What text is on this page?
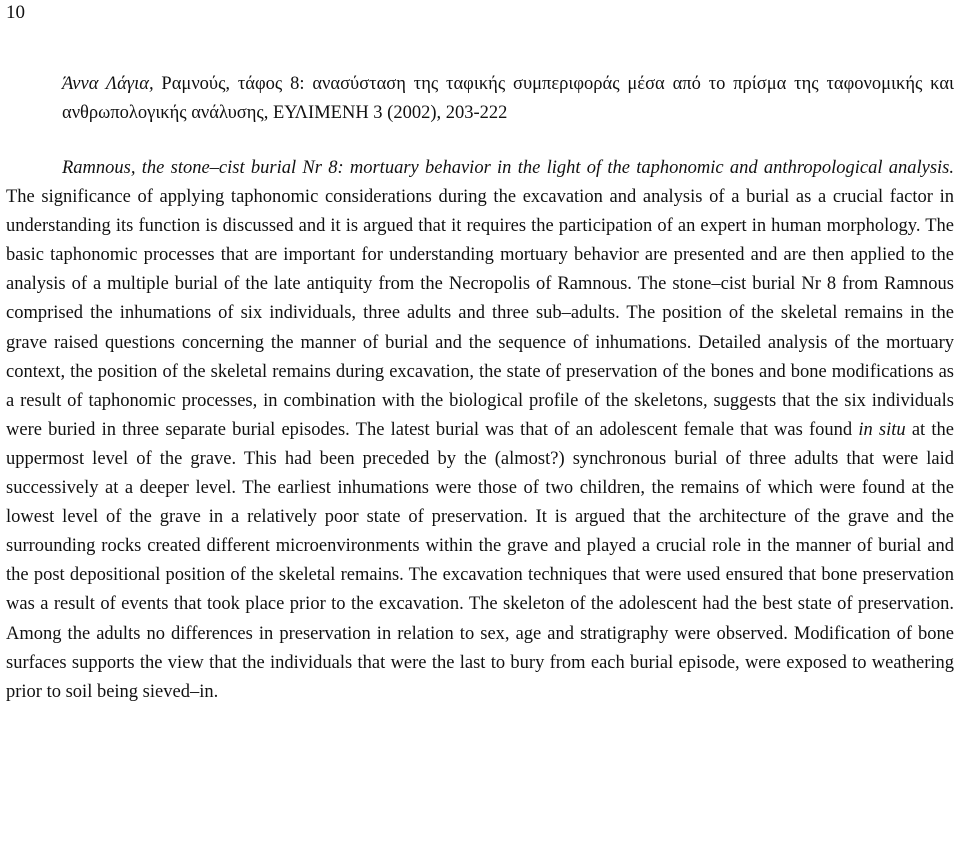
10
Άννα Λάγια, Ραμνούς, τάφος 8: ανασύσταση της ταφικής συμπεριφοράς μέσα από το πρίσμα της ταφονομικής και ανθρωπολογικής ανάλυσης, ΕΥΛΙΜΕΝΗ 3 (2002), 203-222
Ramnous, the stone–cist burial Nr 8: mortuary behavior in the light of the taphonomic and anthropological analysis. The significance of applying taphonomic considerations during the excavation and analysis of a burial as a crucial factor in understanding its function is discussed and it is argued that it requires the participation of an expert in human morphology. The basic taphonomic processes that are important for understanding mortuary behavior are presented and are then applied to the analysis of a multiple burial of the late antiquity from the Necropolis of Ramnous. The stone–cist burial Nr 8 from Ramnous comprised the inhumations of six individuals, three adults and three sub–adults. The position of the skeletal remains in the grave raised questions concerning the manner of burial and the sequence of inhumations. Detailed analysis of the mortuary context, the position of the skeletal remains during excavation, the state of preservation of the bones and bone modifications as a result of taphonomic processes, in combination with the biological profile of the skeletons, suggests that the six individuals were buried in three separate burial episodes. The latest burial was that of an adolescent female that was found in situ at the uppermost level of the grave. This had been preceded by the (almost?) synchronous burial of three adults that were laid successively at a deeper level. The earliest inhumations were those of two children, the remains of which were found at the lowest level of the grave in a relatively poor state of preservation. It is argued that the architecture of the grave and the surrounding rocks created different microenvironments within the grave and played a crucial role in the manner of burial and the post depositional position of the skeletal remains. The excavation techniques that were used ensured that bone preservation was a result of events that took place prior to the excavation. The skeleton of the adolescent had the best state of preservation. Among the adults no differences in preservation in relation to sex, age and stratigraphy were observed. Modification of bone surfaces supports the view that the individuals that were the last to bury from each burial episode, were exposed to weathering prior to soil being sieved–in.
